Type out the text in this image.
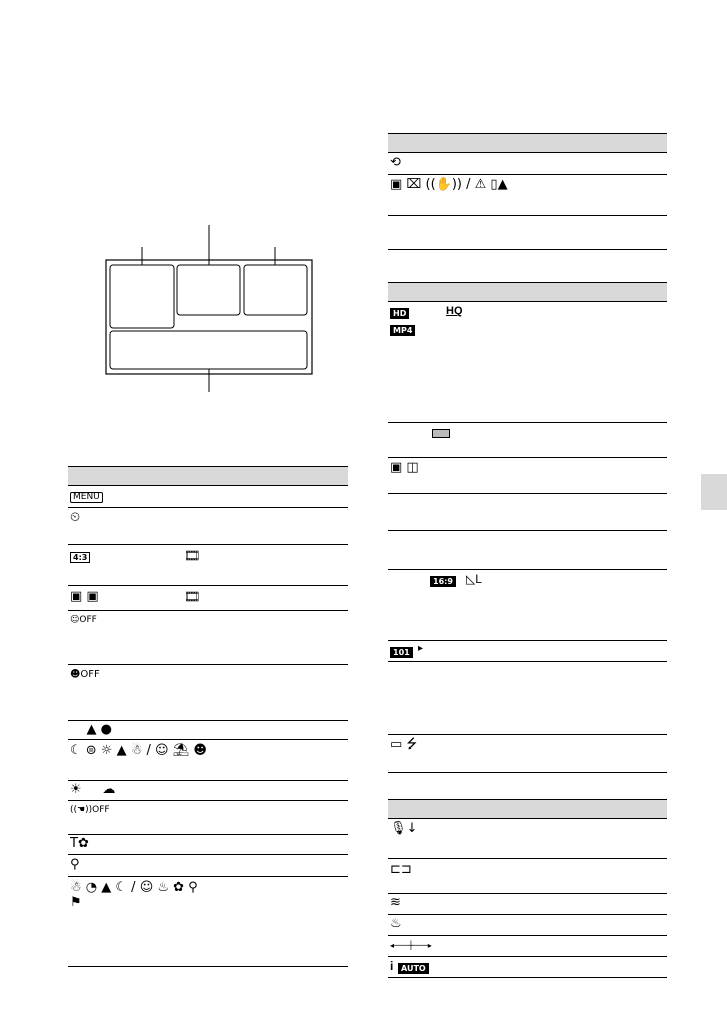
MENU
⏲
4:3	🎞
▣ ▣	🎞
☺OFF
☻OFF
▲ ●
☾ ⊜ ☼ ▲ ☃ / ☺ ⛱ ☻
☀     ☁
((☚))OFF
T✿
⚲
☃ ◔ ▲ ☾ / ☺ ♨ ✿ ⚲ ⚑
⟲
▣ ⌧ ((✋)) / ⚠ ▯▲
HD	HQ
MP4
▣ ◫
16:9 ◺L
101 ▸
▭ ⭍
🎙↓
⊏⊐
≋
♨
◂───┼───▸
i AUTO
